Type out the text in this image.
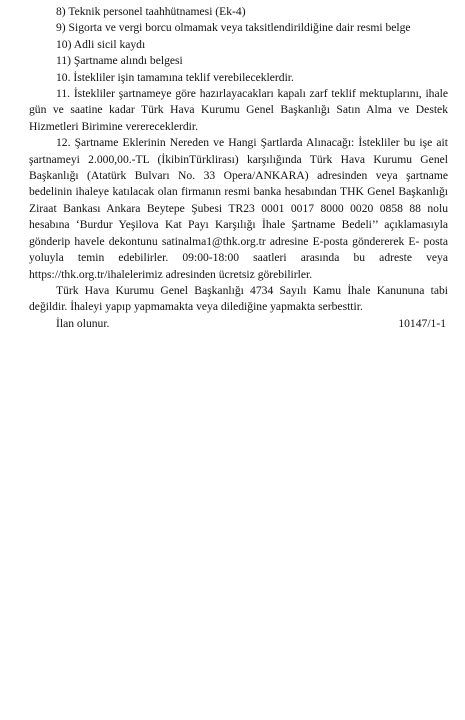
8) Teknik personel taahhütnamesi (Ek-4)
9) Sigorta ve vergi borcu olmamak veya taksitlendirildiğine dair resmi belge
10) Adli sicil kaydı
11) Şartname alındı belgesi
10. İstekliler işin tamamına teklif verebileceklerdir.

11. İstekliler şartnameye göre hazırlayacakları kapalı zarf teklif mektuplarını, ihale gün ve saatine kadar Türk Hava Kurumu Genel Başkanlığı Satın Alma ve Destek Hizmetleri Birimine verereceklerdir.

12. Şartname Eklerinin Nereden ve Hangi Şartlarda Alınacağı: İstekliler bu işe ait şartnameyi 2.000,00.-TL (İkibinTürklirası) karşılığında Türk Hava Kurumu Genel Başkanlığı (Atatürk Bulvarı No. 33 Opera/ANKARA) adresinden veya şartname bedelinin ihaleye katılacak olan firmanın resmi banka hesabından THK Genel Başkanlığı Ziraat Bankası Ankara Beytepe Şubesi TR23 0001 0017 8000 0020 0858 88 nolu hesabına ‘Burdur Yeşilova Kat Payı Karşılığı İhale Şartname Bedeli’’ açıklamasıyla gönderip havele dekontunu satinalma1@thk.org.tr adresine E-posta göndererek E- posta yoluyla temin edebilirler. 09:00-18:00 saatleri arasında bu adreste veya https://thk.org.tr/ihalelerimiz adresinden ücretsiz görebilirler.

Türk Hava Kurumu Genel Başkanlığı 4734 Sayılı Kamu İhale Kanununa tabi değildir. İhaleyi yapıp yapmamakta veya dilediğine yapmakta serbesttir.

İlan olunur.	10147/1-1
